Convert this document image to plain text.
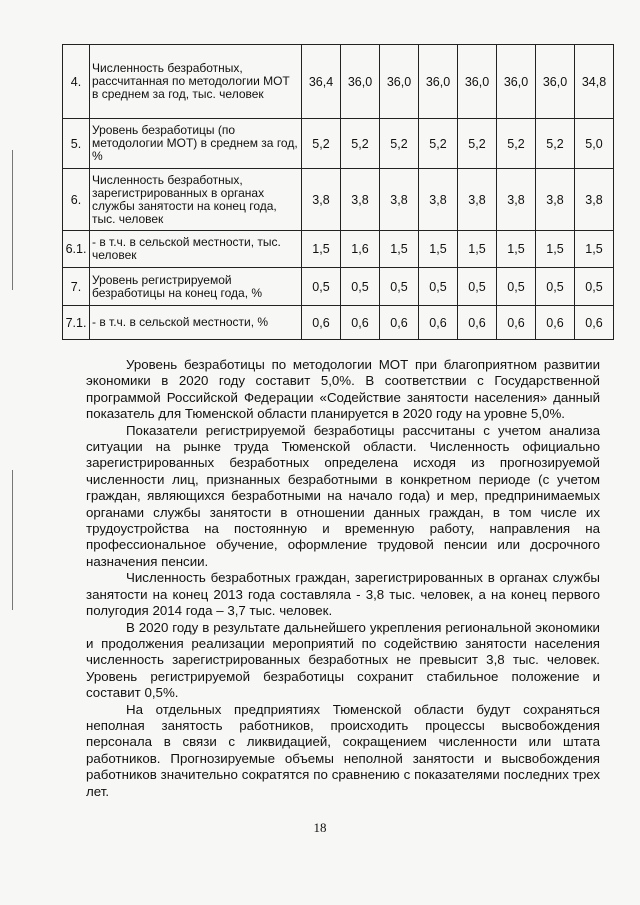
4.	Численность безработных, рассчитанная по методологии МОТ в среднем за год, тыс. человек	36,4	36,0	36,0	36,0	36,0	36,0	36,0	34,8
5.	Уровень безработицы (по методологии МОТ) в среднем за год, %	5,2	5,2	5,2	5,2	5,2	5,2	5,2	5,0
6.	Численность безработных, зарегистрированных в органах службы занятости на конец года, тыс. человек	3,8	3,8	3,8	3,8	3,8	3,8	3,8	3,8
6.1.	- в т.ч. в сельской местности, тыс. человек	1,5	1,6	1,5	1,5	1,5	1,5	1,5	1,5
7.	Уровень регистрируемой безработицы на конец года, %	0,5	0,5	0,5	0,5	0,5	0,5	0,5	0,5
7.1.	- в т.ч. в сельской местности, %	0,6	0,6	0,6	0,6	0,6	0,6	0,6	0,6

Уровень безработицы по методологии МОТ при благоприятном развитии экономики в 2020 году составит 5,0%. В соответствии с Государственной программой Российской Федерации «Содействие занятости населения» данный показатель для Тюменской области планируется в 2020 году на уровне 5,0%.

Показатели регистрируемой безработицы рассчитаны с учетом анализа ситуации на рынке труда Тюменской области. Численность официально зарегистрированных безработных определена исходя из прогнозируемой численности лиц, признанных безработными в конкретном периоде (с учетом граждан, являющихся безработными на начало года) и мер, предпринимаемых органами службы занятости в отношении данных граждан, в том числе их трудоустройства на постоянную и временную работу, направления на профессиональное обучение, оформление трудовой пенсии или досрочного назначения пенсии.

Численность безработных граждан, зарегистрированных в органах службы занятости на конец 2013 года составляла - 3,8 тыс. человек, а на конец первого полугодия 2014 года – 3,7 тыс. человек.

В 2020 году в результате дальнейшего укрепления региональной экономики и продолжения реализации мероприятий по содействию занятости населения численность зарегистрированных безработных не превысит 3,8 тыс. человек. Уровень регистрируемой безработицы сохранит стабильное положение и составит 0,5%.

На отдельных предприятиях Тюменской области будут сохраняться неполная занятость работников, происходить процессы высвобождения персонала в связи с ликвидацией, сокращением численности или штата работников. Прогнозируемые объемы неполной занятости и высвобождения работников значительно сократятся по сравнению с показателями последних трех лет.

18
